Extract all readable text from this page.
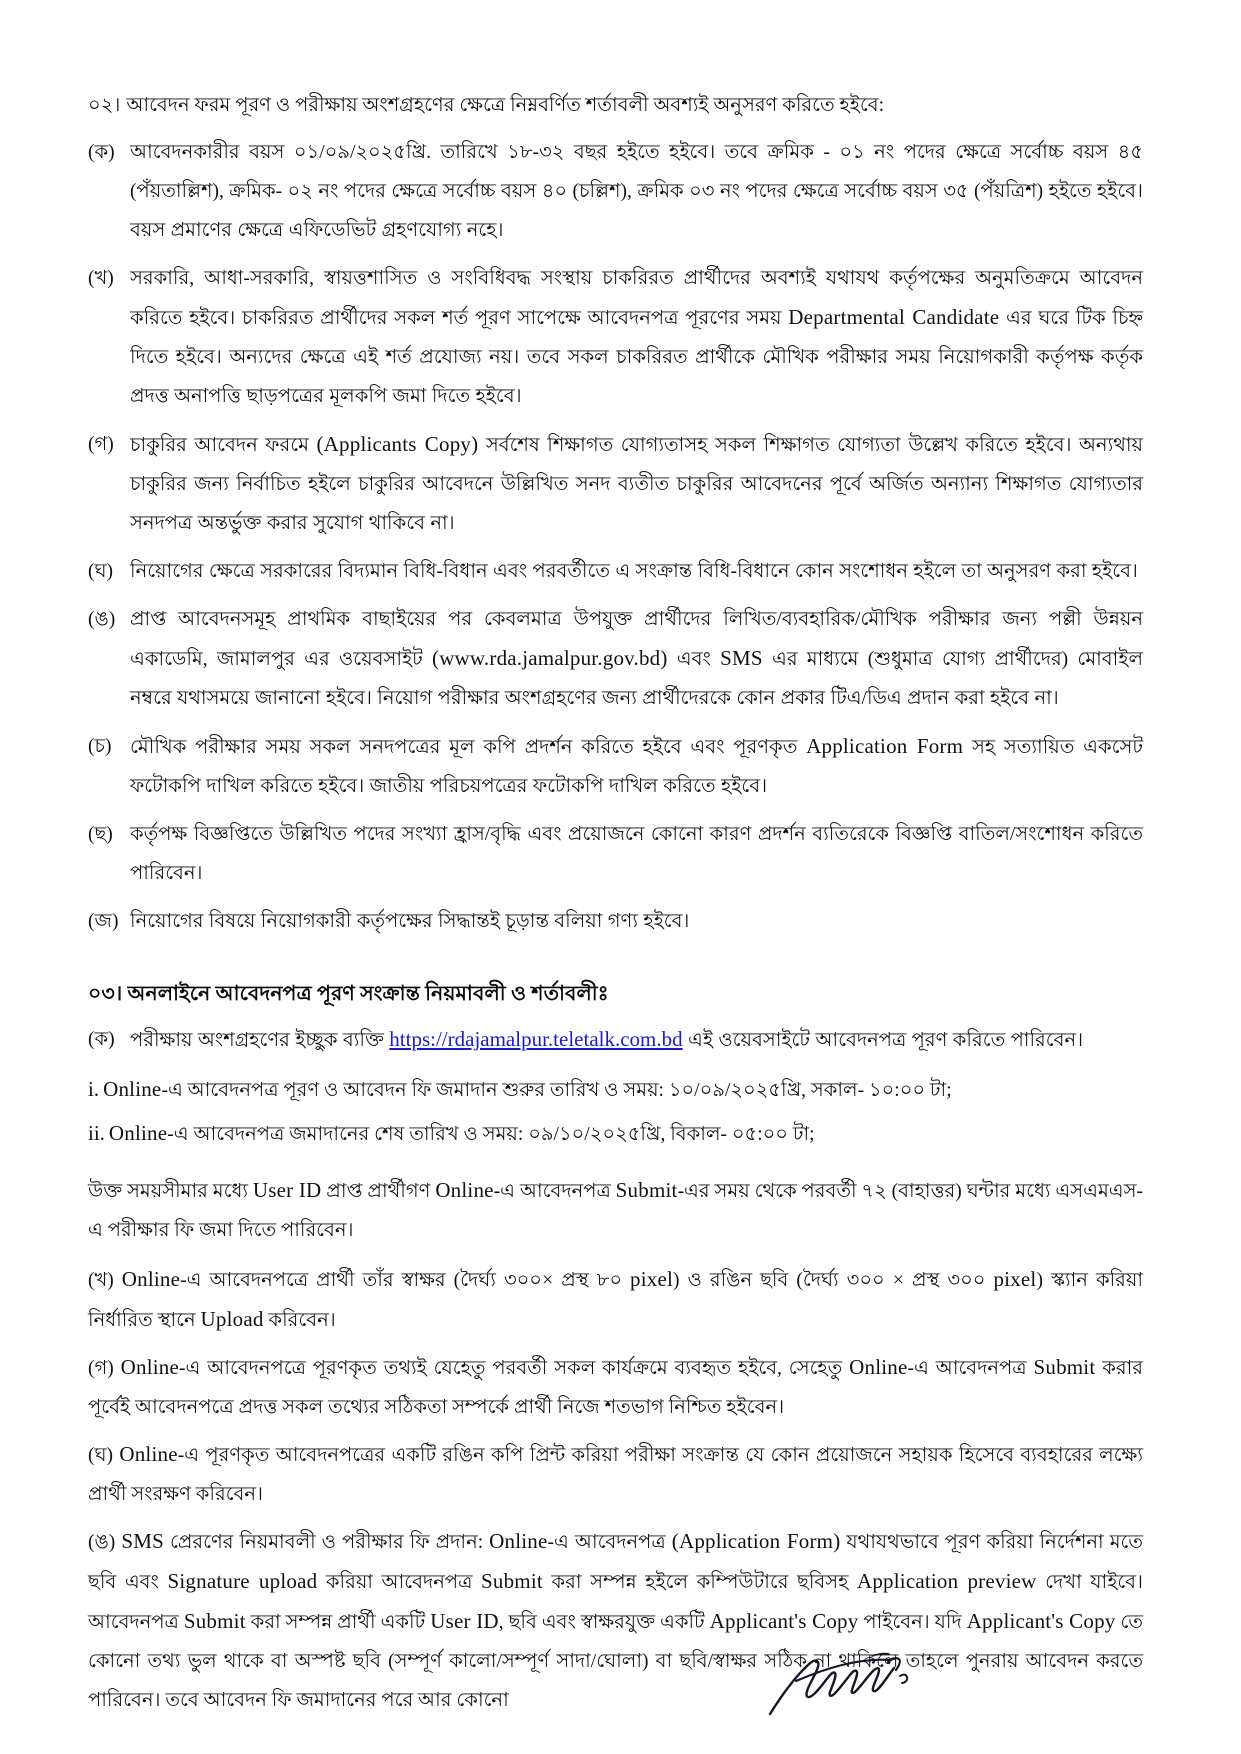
০২। আবেদন ফরম পূরণ ও পরীক্ষায় অংশগ্রহণের ক্ষেত্রে নিম্নবর্ণিত শর্তাবলী অবশ্যই অনুসরণ করিতে হইবে:
(ক) আবেদনকারীর বয়স ০১/০৯/২০২৫খ্রি. তারিখে ১৮-৩২ বছর হইতে হইবে। তবে ক্রমিক - ০১ নং পদের ক্ষেত্রে সর্বোচ্চ বয়স ৪৫ (পঁয়তাল্লিশ), ক্রমিক- ০২ নং পদের ক্ষেত্রে সর্বোচ্চ বয়স ৪০ (চল্লিশ), ক্রমিক ০৩ নং পদের ক্ষেত্রে সর্বোচ্চ বয়স ৩৫ (পঁয়ত্রিশ) হইতে হইবে। বয়স প্রমাণের ক্ষেত্রে এফিডেভিট গ্রহণযোগ্য নহে।
(খ) সরকারি, আধা-সরকারি, স্বায়ত্তশাসিত ও সংবিধিবদ্ধ সংস্থায় চাকরিরত প্রার্থীদের অবশ্যই যথাযথ কর্তৃপক্ষের অনুমতিক্রমে আবেদন করিতে হইবে। চাকরিরত প্রার্থীদের সকল শর্ত পূরণ সাপেক্ষে আবেদনপত্র পূরণের সময় Departmental Candidate এর ঘরে টিক চিহ্ন দিতে হইবে। অন্যদের ক্ষেত্রে এই শর্ত প্রযোজ্য নয়। তবে সকল চাকরিরত প্রার্থীকে মৌখিক পরীক্ষার সময় নিয়োগকারী কর্তৃপক্ষ কর্তৃক প্রদত্ত অনাপত্তি ছাড়পত্রের মূলকপি জমা দিতে হইবে।
(গ) চাকুরির আবেদন ফরমে (Applicants Copy) সর্বশেষ শিক্ষাগত যোগ্যতাসহ সকল শিক্ষাগত যোগ্যতা উল্লেখ করিতে হইবে। অন্যথায় চাকুরির জন্য নির্বাচিত হইলে চাকুরির আবেদনে উল্লিখিত সনদ ব্যতীত চাকুরির আবেদনের পূর্বে অর্জিত অন্যান্য শিক্ষাগত যোগ্যতার সনদপত্র অন্তর্ভুক্ত করার সুযোগ থাকিবে না।
(ঘ) নিয়োগের ক্ষেত্রে সরকারের বিদ্যমান বিধি-বিধান এবং পরবর্তীতে এ সংক্রান্ত বিধি-বিধানে কোন সংশোধন হইলে তা অনুসরণ করা হইবে।
(ঙ) প্রাপ্ত আবেদনসমূহ প্রাথমিক বাছাইয়ের পর কেবলমাত্র উপযুক্ত প্রার্থীদের লিখিত/ব্যবহারিক/মৌখিক পরীক্ষার জন্য পল্লী উন্নয়ন একাডেমি, জামালপুর এর ওয়েবসাইট (www.rda.jamalpur.gov.bd) এবং SMS এর মাধ্যমে (শুধুমাত্র যোগ্য প্রার্থীদের) মোবাইল নম্বরে যথাসময়ে জানানো হইবে। নিয়োগ পরীক্ষার অংশগ্রহণের জন্য প্রার্থীদেরকে কোন প্রকার টিএ/ডিএ প্রদান করা হইবে না।
(চ) মৌখিক পরীক্ষার সময় সকল সনদপত্রের মূল কপি প্রদর্শন করিতে হইবে এবং পূরণকৃত Application Form সহ সত্যায়িত একসেট ফটোকপি দাখিল করিতে হইবে। জাতীয় পরিচয়পত্রের ফটোকপি দাখিল করিতে হইবে।
(ছ) কর্তৃপক্ষ বিজ্ঞপ্তিতে উল্লিখিত পদের সংখ্যা হ্রাস/বৃদ্ধি এবং প্রয়োজনে কোনো কারণ প্রদর্শন ব্যতিরেকে বিজ্ঞপ্তি বাতিল/সংশোধন করিতে পারিবেন।
(জ) নিয়োগের বিষয়ে নিয়োগকারী কর্তৃপক্ষের সিদ্ধান্তই চূড়ান্ত বলিয়া গণ্য হইবে।
০৩। অনলাইনে আবেদনপত্র পূরণ সংক্রান্ত নিয়মাবলী ও শর্তাবলীঃ
(ক) পরীক্ষায় অংশগ্রহণের ইচ্ছুক ব্যক্তি https://rdajamalpur.teletalk.com.bd এই ওয়েবসাইটে আবেদনপত্র পূরণ করিতে পারিবেন।
i. Online-এ আবেদনপত্র পূরণ ও আবেদন ফি জমাদান শুরুর তারিখ ও সময়: ১০/০৯/২০২৫খ্রি, সকাল- ১০:০০ টা;
ii. Online-এ আবেদনপত্র জমাদানের শেষ তারিখ ও সময়: ০৯/১০/২০২৫খ্রি, বিকাল- ০৫:০০ টা;
উক্ত সময়সীমার মধ্যে User ID প্রাপ্ত প্রার্থীগণ Online-এ আবেদনপত্র Submit-এর সময় থেকে পরবর্তী ৭২ (বাহাত্তর) ঘন্টার মধ্যে এসএমএস-এ পরীক্ষার ফি জমা দিতে পারিবেন।
(খ) Online-এ আবেদনপত্রে প্রার্থী তাঁর স্বাক্ষর (দৈর্ঘ্য ৩০০× প্রস্থ ৮০ pixel) ও রঙিন ছবি (দৈর্ঘ্য ৩০০ × প্রস্থ ৩০০ pixel) স্ক্যান করিয়া নির্ধারিত স্থানে Upload করিবেন।
(গ) Online-এ আবেদনপত্রে পূরণকৃত তথ্যই যেহেতু পরবর্তী সকল কার্যক্রমে ব্যবহৃত হইবে, সেহেতু Online-এ আবেদনপত্র Submit করার পূর্বেই আবেদনপত্রে প্রদত্ত সকল তথ্যের সঠিকতা সম্পর্কে প্রার্থী নিজে শতভাগ নিশ্চিত হইবেন।
(ঘ) Online-এ পূরণকৃত আবেদনপত্রের একটি রঙিন কপি প্রিন্ট করিয়া পরীক্ষা সংক্রান্ত যে কোন প্রয়োজনে সহায়ক হিসেবে ব্যবহারের লক্ষ্যে প্রার্থী সংরক্ষণ করিবেন।
(ঙ) SMS প্রেরণের নিয়মাবলী ও পরীক্ষার ফি প্রদান: Online-এ আবেদনপত্র (Application Form) যথাযথভাবে পূরণ করিয়া নির্দেশনা মতে ছবি এবং Signature upload করিয়া আবেদনপত্র Submit করা সম্পন্ন হইলে কম্পিউটারে ছবিসহ Application preview দেখা যাইবে। আবেদনপত্র Submit করা সম্পন্ন প্রার্থী একটি User ID, ছবি এবং স্বাক্ষরযুক্ত একটি Applicant's Copy পাইবেন। যদি Applicant's Copy তে কোনো তথ্য ভুল থাকে বা অস্পষ্ট ছবি (সম্পূর্ণ কালো/সম্পূর্ণ সাদা/ঘোলা) বা ছবি/স্বাক্ষর সঠিক না থাকিলে তাহলে পুনরায় আবেদন করতে পারিবেন। তবে আবেদন ফি জমাদানের পরে আর কোনো
